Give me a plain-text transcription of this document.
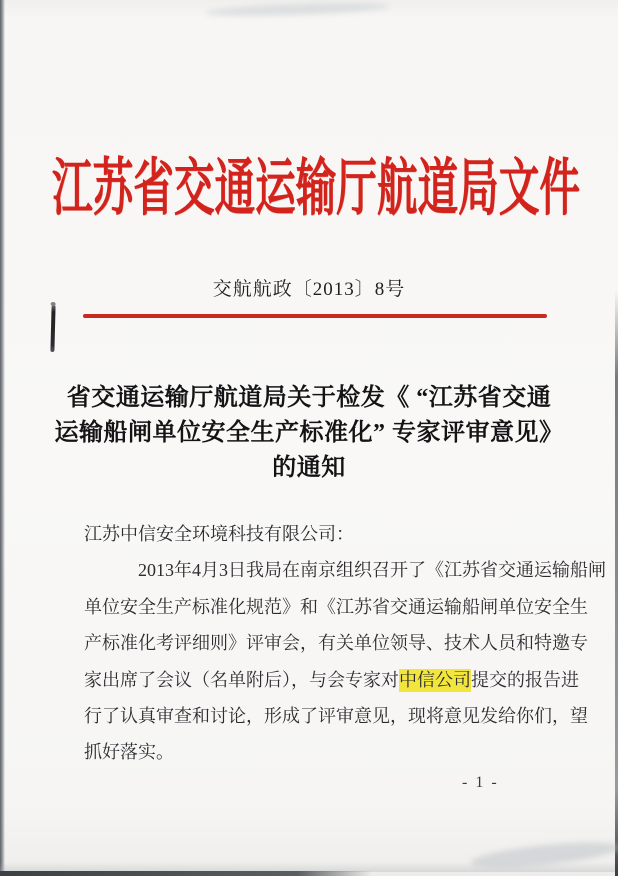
江苏省交通运输厅航道局文件
交航航政〔2013〕8号
省交通运输厅航道局关于检发《 “江苏省交通
运输船闸单位安全生产标准化” 专家评审意见》
的通知
江苏中信安全环境科技有限公司：
2013年4月3日我局在南京组织召开了《江苏省交通运输船闸
单位安全生产标准化规范》和《江苏省交通运输船闸单位安全生
产标准化考评细则》评审会，有关单位领导、技术人员和特邀专
家出席了会议（名单附后），与会专家对中信公司提交的报告进
行了认真审查和讨论，形成了评审意见，现将意见发给你们，望
抓好落实。
- 1 -
